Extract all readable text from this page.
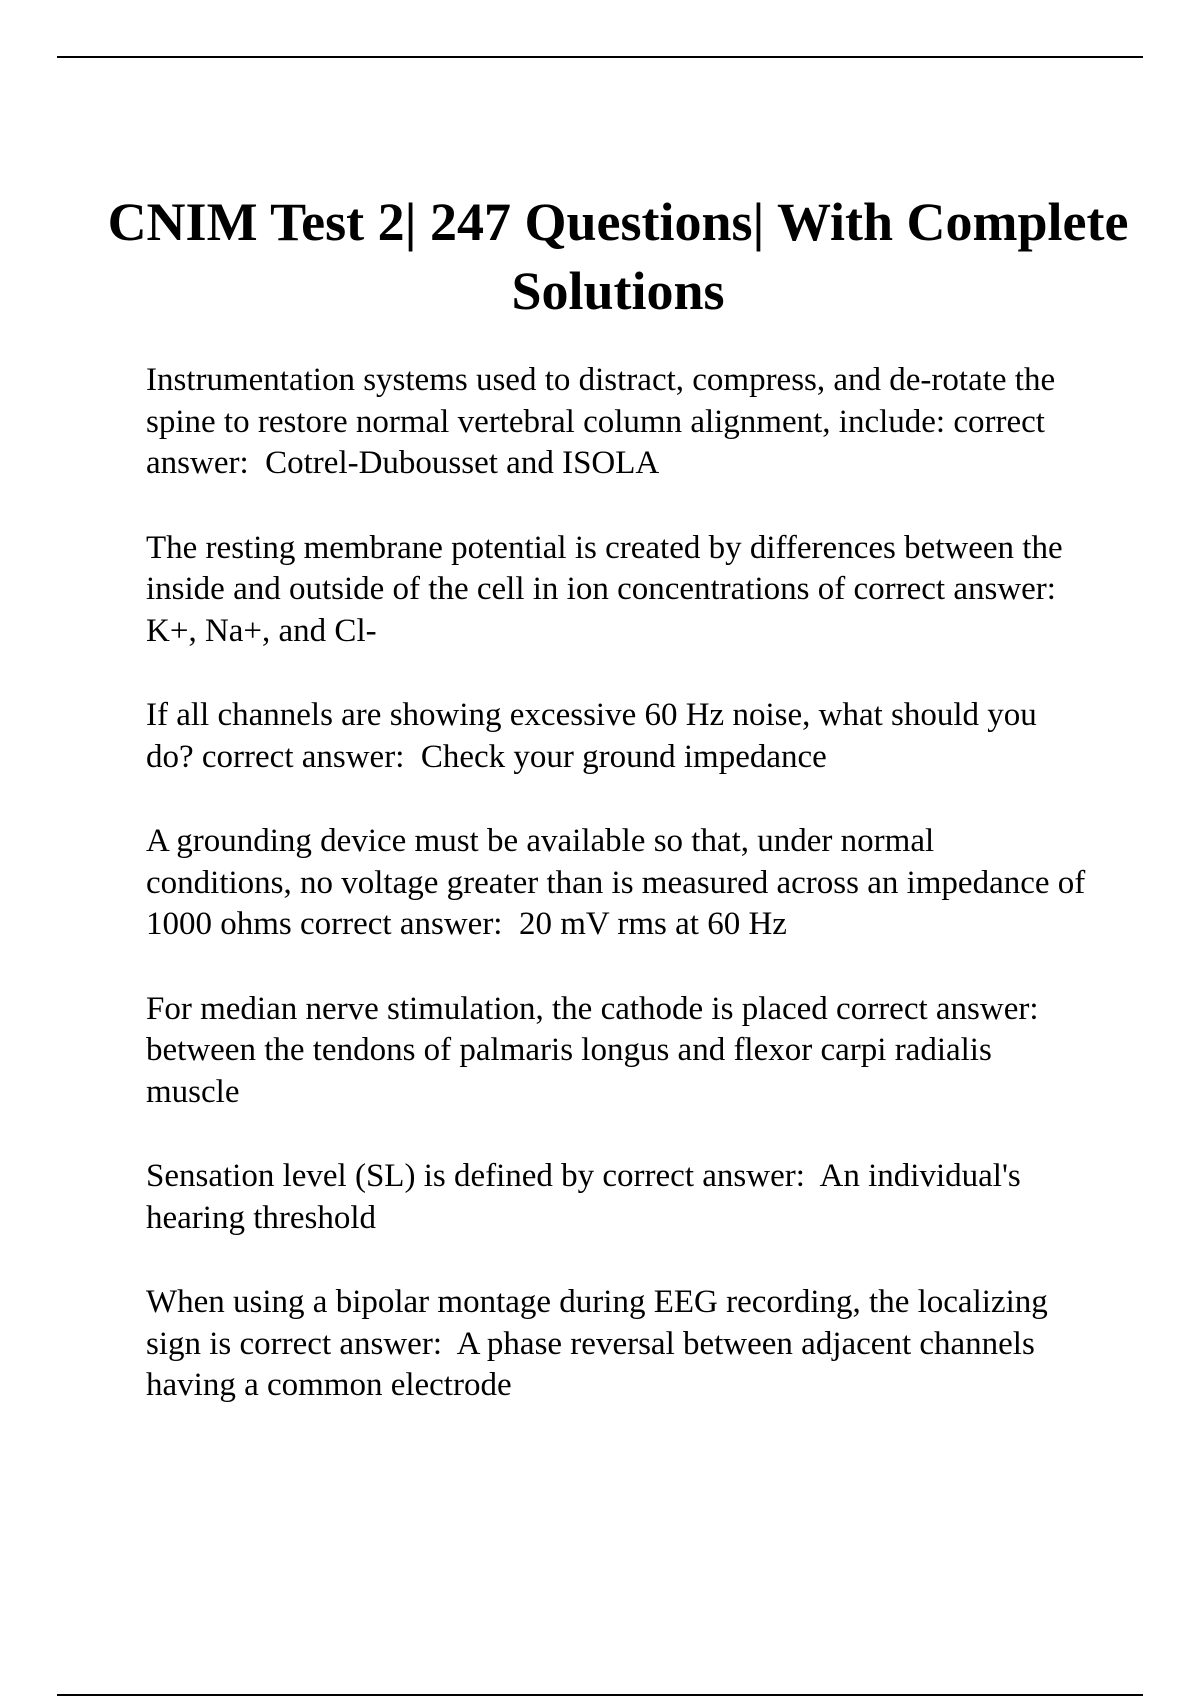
CNIM Test 2| 247 Questions| With Complete Solutions

Instrumentation systems used to distract, compress, and de-rotate the spine to restore normal vertebral column alignment, include: correct answer:  Cotrel-Dubousset and ISOLA

The resting membrane potential is created by differences between the inside and outside of the cell in ion concentrations of correct answer:  K+, Na+, and Cl-

If all channels are showing excessive 60 Hz noise, what should you do? correct answer:  Check your ground impedance

A grounding device must be available so that, under normal conditions, no voltage greater than is measured across an impedance of 1000 ohms correct answer:  20 mV rms at 60 Hz

For median nerve stimulation, the cathode is placed correct answer:  between the tendons of palmaris longus and flexor carpi radialis muscle

Sensation level (SL) is defined by correct answer:  An individual's hearing threshold

When using a bipolar montage during EEG recording, the localizing sign is correct answer:  A phase reversal between adjacent channels having a common electrode
